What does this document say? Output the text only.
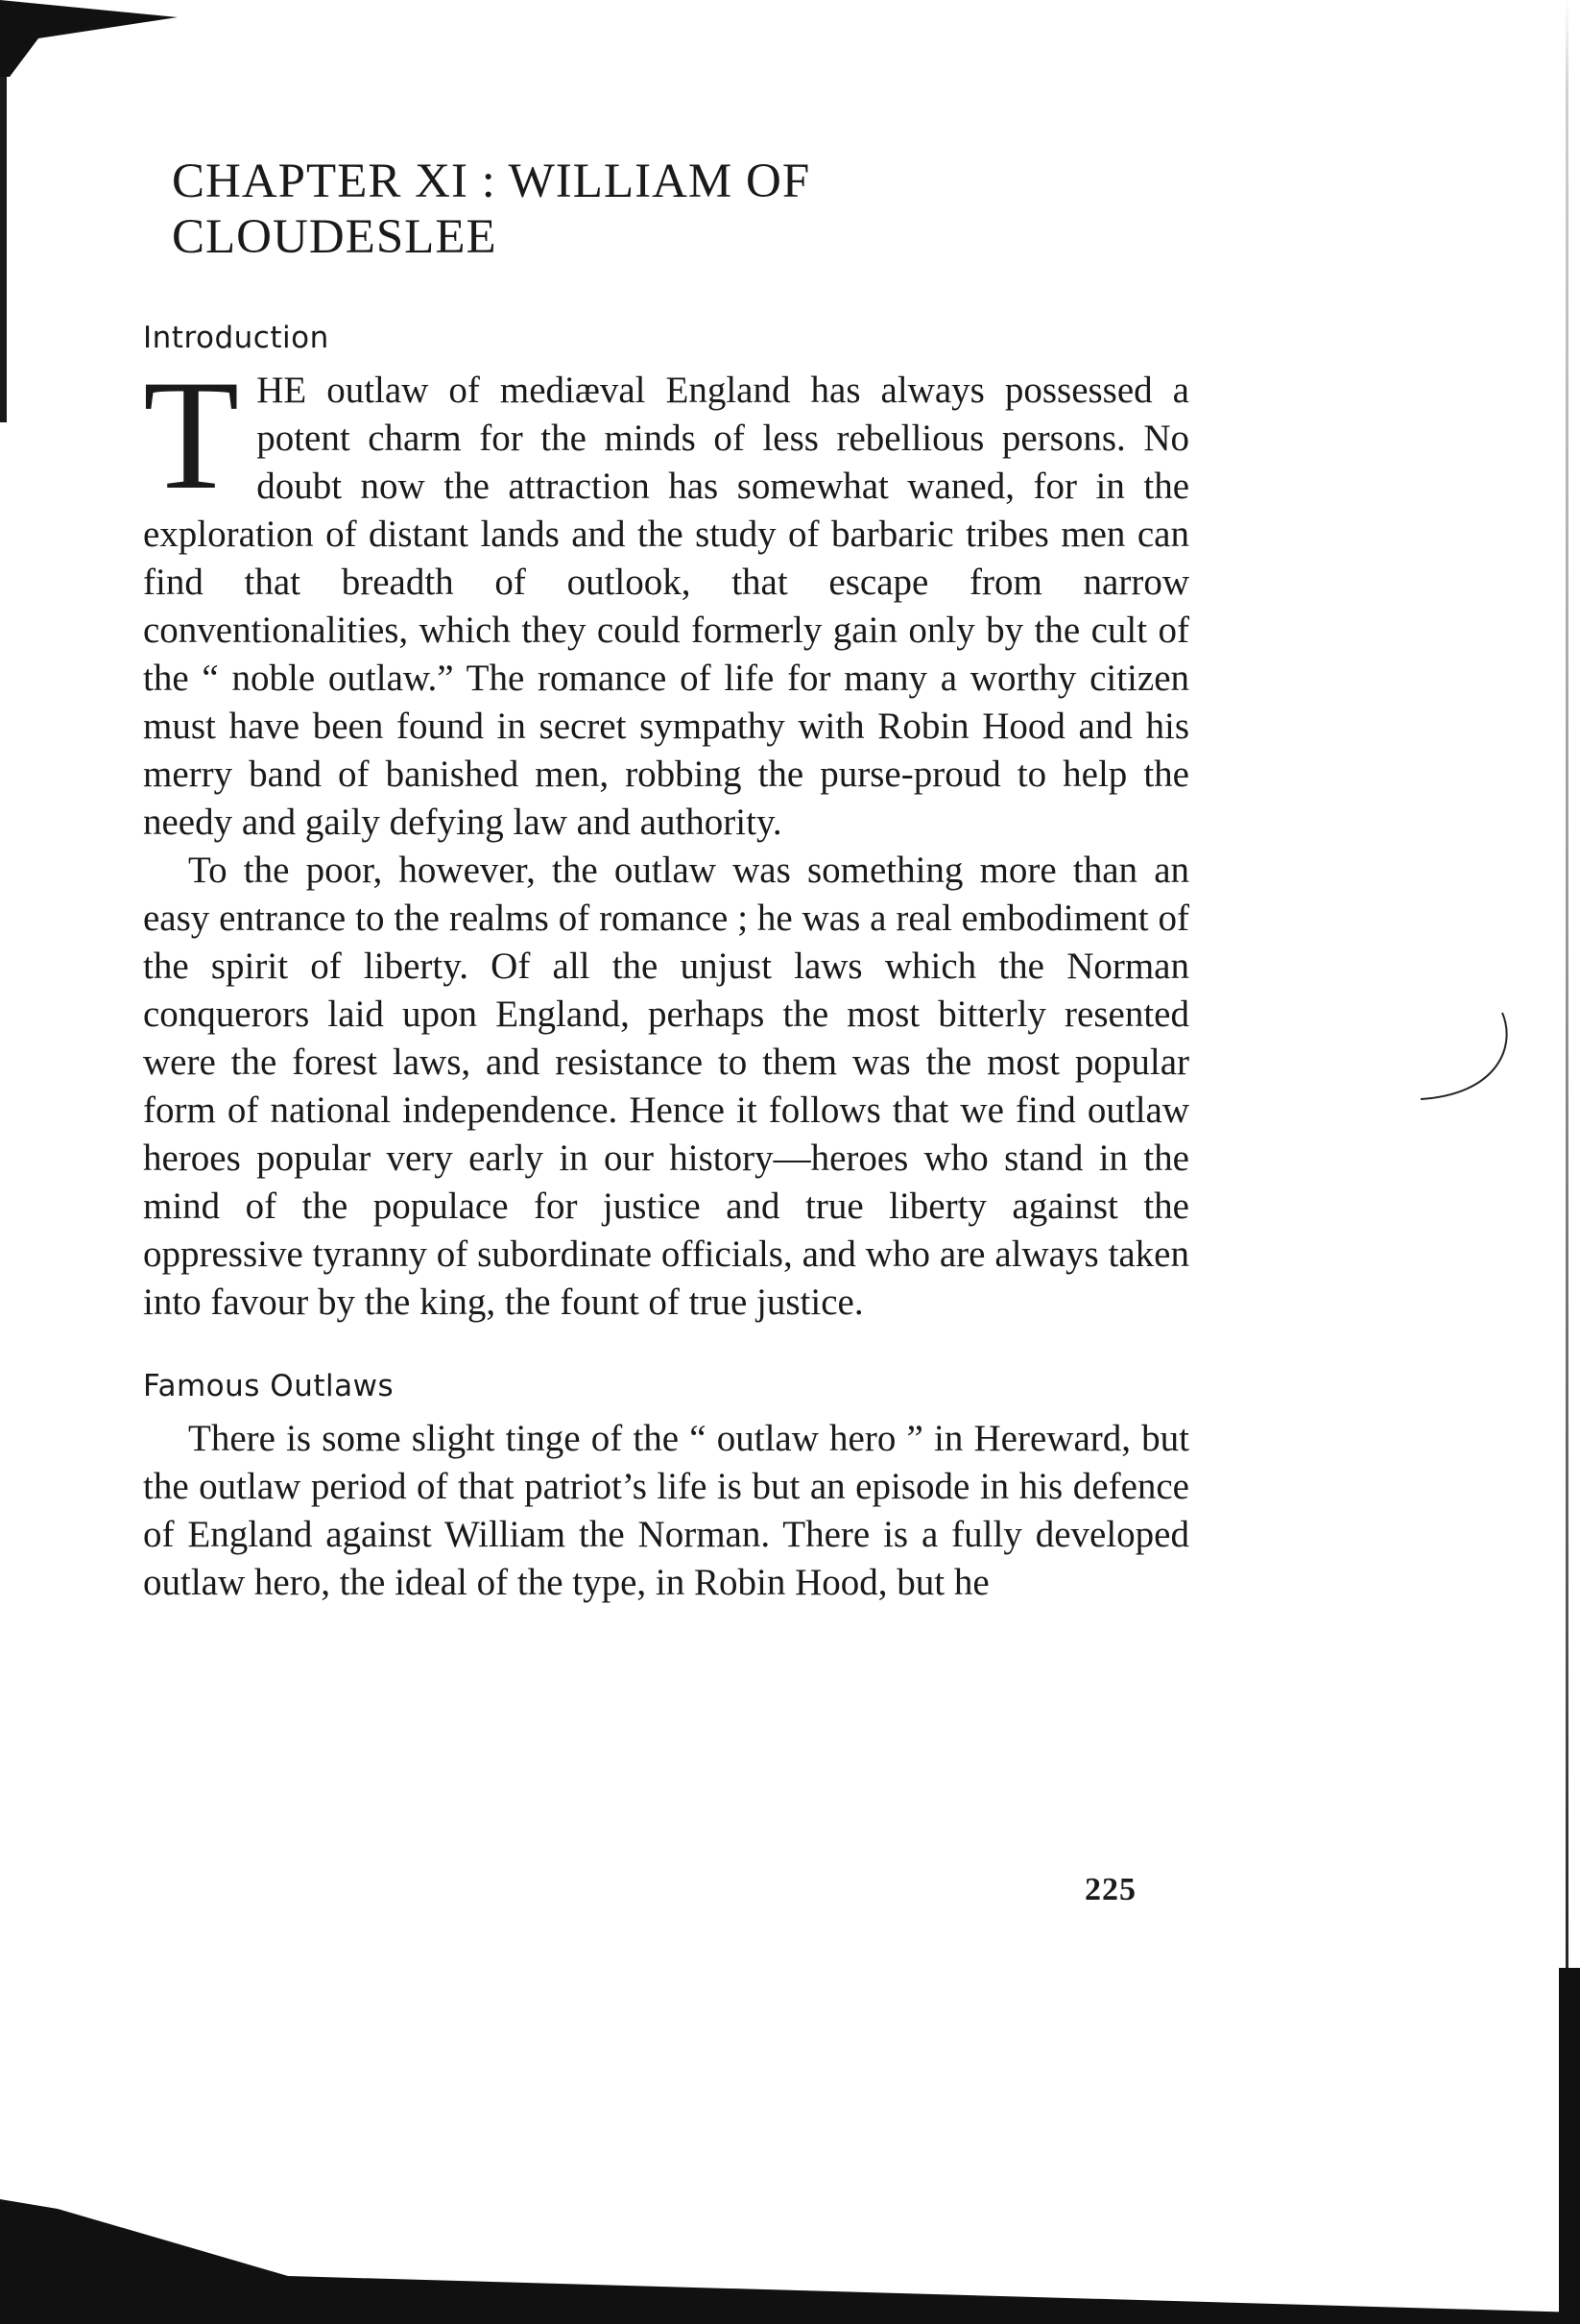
CHAPTER XI : WILLIAM OF CLOUDESLEE
Introduction

T HE outlaw of mediæval England has always possessed a potent charm for the minds of less rebellious persons. No doubt now the attraction has somewhat waned, for in the exploration of distant lands and the study of barbaric tribes men can find that breadth of outlook, that escape from narrow conventionalities, which they could formerly gain only by the cult of the “ noble outlaw.” The romance of life for many a worthy citizen must have been found in secret sympathy with Robin Hood and his merry band of banished men, robbing the purse-proud to help the needy and gaily defying law and authority.

To the poor, however, the outlaw was something more than an easy entrance to the realms of romance ; he was a real embodiment of the spirit of liberty. Of all the unjust laws which the Norman conquerors laid upon England, perhaps the most bitterly resented were the forest laws, and resistance to them was the most popular form of national independence. Hence it follows that we find outlaw heroes popular very early in our history—heroes who stand in the mind of the populace for justice and true liberty against the oppressive tyranny of subordinate officials, and who are always taken into favour by the king, the fount of true justice.

Famous Outlaws

There is some slight tinge of the “ outlaw hero ” in Hereward, but the outlaw period of that patriot’s life is but an episode in his defence of England against William the Norman. There is a fully developed outlaw hero, the ideal of the type, in Robin Hood, but he

225
